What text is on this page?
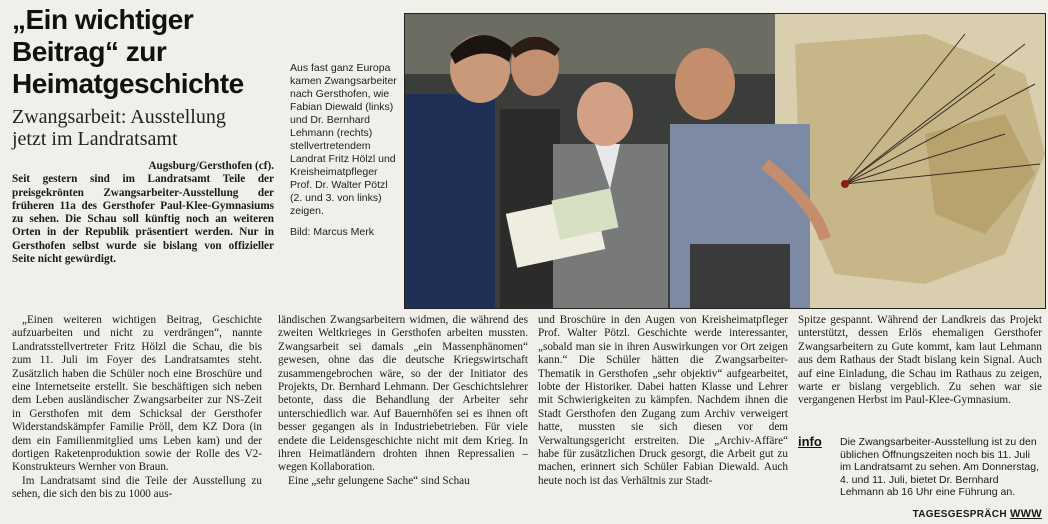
„Ein wichtiger
Beitrag“ zur
Heimatgeschichte
Zwangsarbeit: Ausstellung
jetzt im Landratsamt
Augsburg/Gersthofen (cf).
Seit gestern sind im Landratsamt Teile der preisgekrönten Zwangsarbeiter-Ausstellung der früheren 11a des Gersthofer Paul-Klee-Gymnasiums zu sehen. Die Schau soll künftig noch an weiteren Orten in der Republik präsentiert werden. Nur in Gersthofen selbst wurde sie bislang von offizieller Seite nicht gewürdigt.
Aus fast ganz Europa kamen Zwangsarbeiter nach Gersthofen, wie Fabian Diewald (links) und Dr. Bernhard Lehmann (rechts) stellvertretendem Landrat Fritz Hölzl und Kreisheimatpfleger Prof. Dr. Walter Pötzl (2. und 3. von links) zeigen.
Bild: Marcus Merk

„Einen weiteren wichtigen Beitrag, Geschichte aufzuarbeiten und nicht zu verdrängen“, nannte Landratsstellvertreter Fritz Hölzl die Schau, die bis zum 11. Juli im Foyer des Landratsamtes steht. Zusätzlich haben die Schüler noch eine Broschüre und eine Internetseite erstellt. Sie beschäftigen sich neben dem Leben ausländischer Zwangsarbeiter zur NS-Zeit in Gersthofen mit dem Schicksal der Gersthofer Widerstandskämpfer Familie Pröll, dem KZ Dora (in dem ein Familienmitglied ums Leben kam) und der dortigen Raketenproduktion sowie der Rolle des V2-Konstrukteurs Wernher von Braun.

Im Landratsamt sind die Teile der Ausstellung zu sehen, die sich den bis zu 1000 aus-

ländischen Zwangsarbeitern widmen, die während des zweiten Weltkrieges in Gersthofen arbeiten mussten. Zwangsarbeit sei damals „ein Massenphänomen“ gewesen, ohne das die deutsche Kriegswirtschaft zusammengebrochen wäre, so der der Initiator des Projekts, Dr. Bernhard Lehmann. Der Geschichtslehrer betonte, dass die Behandlung der Arbeiter sehr unterschiedlich war. Auf Bauernhöfen sei es ihnen oft besser gegangen als in Industriebetrieben. Für viele endete die Leidensgeschichte nicht mit dem Krieg. In ihren Heimatländern drohten ihnen Repressalien – wegen Kollaboration.

Eine „sehr gelungene Sache“ sind Schau

und Broschüre in den Augen von Kreisheimatpfleger Prof. Walter Pötzl. Geschichte werde interessanter, „sobald man sie in ihren Auswirkungen vor Ort zeigen kann.“ Die Schüler hätten die Zwangsarbeiter-Thematik in Gersthofen „sehr objektiv“ aufgearbeitet, lobte der Historiker. Dabei hatten Klasse und Lehrer mit Schwierigkeiten zu kämpfen. Nachdem ihnen die Stadt Gersthofen den Zugang zum Archiv verweigert hatte, mussten sie sich diesen vor dem Verwaltungsgericht erstreiten. Die „Archiv-Affäre“ habe für zusätzlichen Druck gesorgt, die Arbeit gut zu machen, erinnert sich Schüler Fabian Diewald. Auch heute noch ist das Verhältnis zur Stadt-

Spitze gespannt. Während der Landkreis das Projekt unterstützt, dessen Erlös ehemaligen Gersthofer Zwangsarbeitern zu Gute kommt, kam laut Lehmann aus dem Rathaus der Stadt bislang kein Signal. Auch auf eine Einladung, die Schau im Rathaus zu zeigen, warte er bislang vergeblich. Zu sehen war sie vergangenen Herbst im Paul-Klee-Gymnasium.

info Die Zwangsarbeiter-Ausstellung ist zu den üblichen Öffnungszeiten noch bis 11. Juli im Landratsamt zu sehen. Am Donnerstag, 4. und 11. Juli, bietet Dr. Bernhard Lehmann ab 16 Uhr eine Führung an.
TAGESGESPRÄCH WWW
